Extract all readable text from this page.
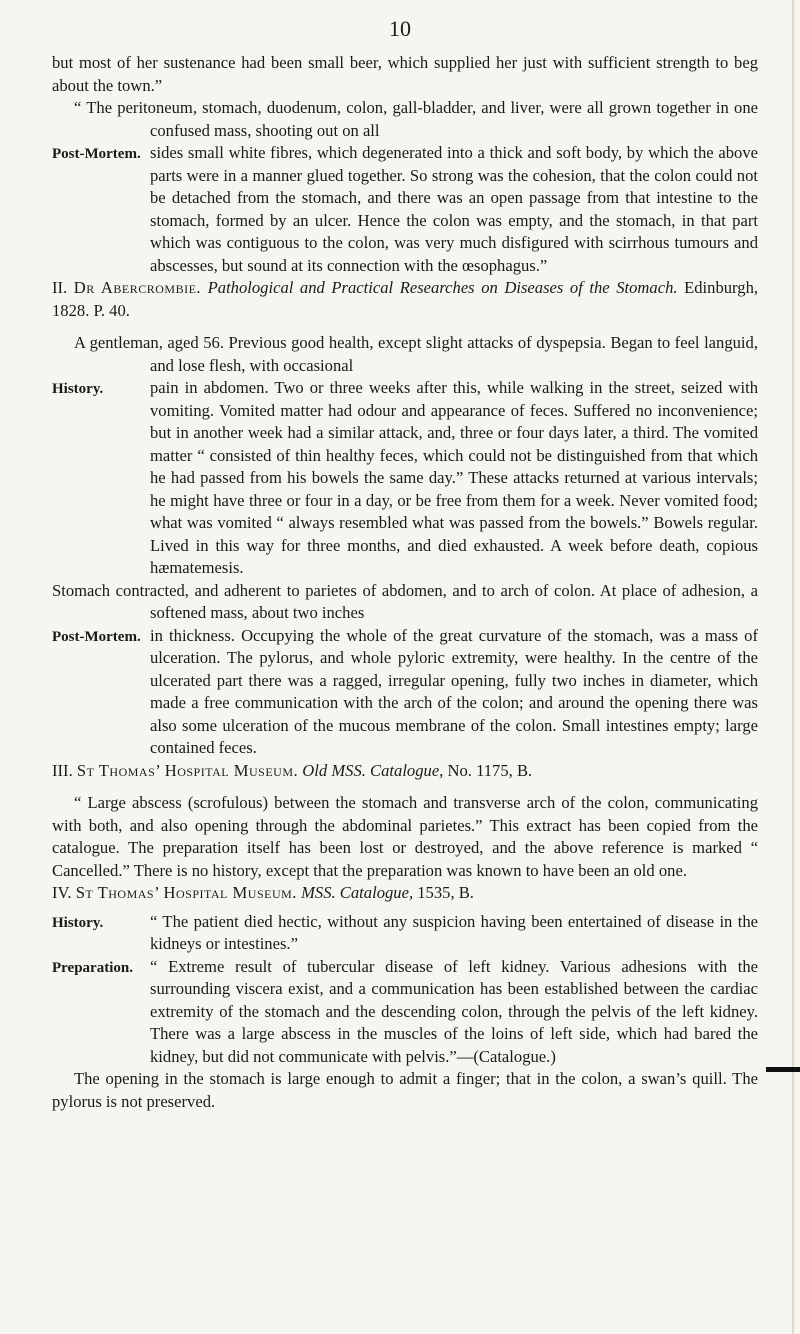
10

but most of her sustenance had been small beer, which supplied her just with sufficient strength to beg about the town.”

“ The peritoneum, stomach, duodenum, colon, gall-bladder, and liver, were all grown together in one confused mass, shooting out on all

Post-Mortem. sides small white fibres, which degenerated into a thick and soft body, by which the above parts were in a manner glued together. So strong was the cohesion, that the colon could not be detached from the stomach, and there was an open passage from that intestine to the stomach, formed by an ulcer. Hence the colon was empty, and the stomach, in that part which was contiguous to the colon, was very much disfigured with scirrhous tumours and abscesses, but sound at its connection with the œsophagus.”

II. Dr Abercrombie. Pathological and Practical Researches on Diseases of the Stomach. Edinburgh, 1828. P. 40.

A gentleman, aged 56. Previous good health, except slight attacks of dyspepsia. Began to feel languid, and lose flesh, with occasional

History.	pain in abdomen. Two or three weeks after this, while walking in the street, seized with vomiting. Vomited matter had odour and appearance of feces. Suffered no inconvenience; but in another week had a similar attack, and, three or four days later, a third. The vomited matter “ consisted of thin healthy feces, which could not be distinguished from that which he had passed from his bowels the same day.” These attacks returned at various intervals; he might have three or four in a day, or be free from them for a week. Never vomited food; what was vomited “ always resembled what was passed from the bowels.” Bowels regular. Lived in this way for three months, and died exhausted. A week before death, copious hæmatemesis.

Stomach contracted, and adherent to parietes of abdomen, and to arch of colon. At place of adhesion, a softened mass, about two inches

Post-Mortem. in thickness. Occupying the whole of the great curvature of the stomach, was a mass of ulceration. The pylorus, and whole pyloric extremity, were healthy. In the centre of the ulcerated part there was a ragged, irregular opening, fully two inches in diameter, which made a free communication with the arch of the colon; and around the opening there was also some ulceration of the mucous membrane of the colon. Small intestines empty; large contained feces.

III. St Thomas’ Hospital Museum. Old MSS. Catalogue, No. 1175, B.

“ Large abscess (scrofulous) between the stomach and transverse arch of the colon, communicating with both, and also opening through the abdominal parietes.” This extract has been copied from the catalogue. The preparation itself has been lost or destroyed, and the above reference is marked “ Cancelled.” There is no history, except that the preparation was known to have been an old one.

IV. St Thomas’ Hospital Museum. MSS. Catalogue, 1535, B.

History.	“ The patient died hectic, without any suspicion having been entertained of disease in the kidneys or intestines.”
Preparation.	“ Extreme result of tubercular disease of left kidney. Various adhesions with the surrounding viscera exist, and a communication has been established between the cardiac extremity of the stomach and the descending colon, through the pelvis of the left kidney. There was a large abscess in the muscles of the loins of left side, which had bared the kidney, but did not communicate with pelvis.”—(Catalogue.)

The opening in the stomach is large enough to admit a finger; that in the colon, a swan’s quill. The pylorus is not preserved.
